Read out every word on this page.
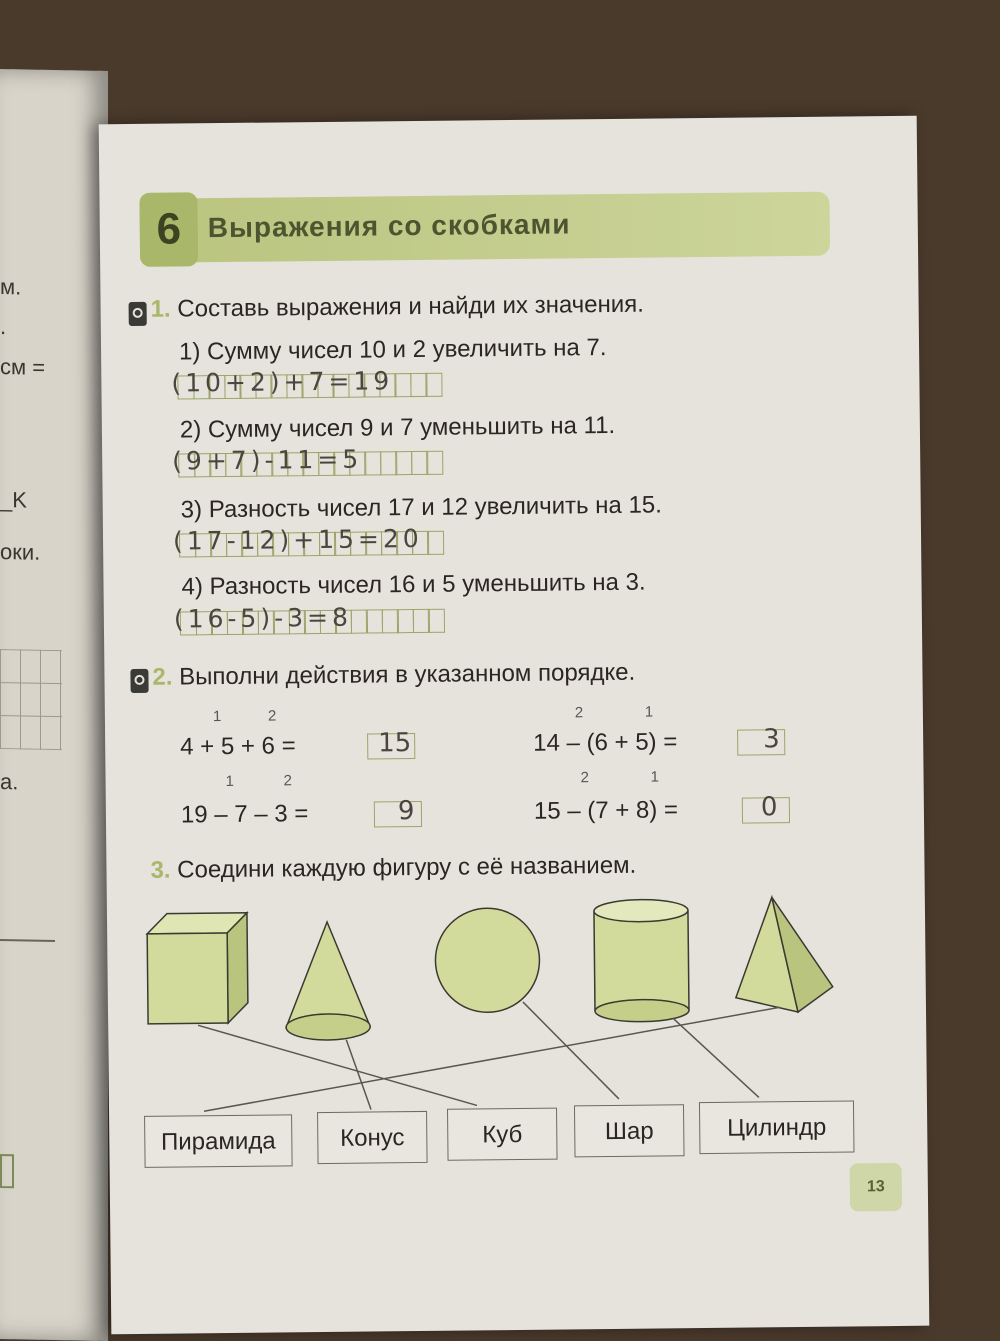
м.
.
см =
_K
оки.
а.
6 Выражения со скобками
1. Составь выражения и найди их значения.
1) Сумму чисел 10 и 2 увеличить на 7.
(10+2)+7=19
2) Сумму чисел 9 и 7 уменьшить на 11.
(9+7)-11=5
3) Разность чисел 17 и 12 увеличить на 15.
(17-12)+15=20
4) Разность чисел 16 и 5 уменьшить на 3.
(16-5)-3=8
2. Выполни действия в указанном порядке.
1	2
4 + 5 + 6 =	15
2	1
14 – (6 + 5) =	3
1	2
19 – 7 – 3 =	9
2	1
15 – (7 + 8) =	0
3. Соедини каждую фигуру с её названием.
Пирамида	Конус	Куб	Шар	Цилиндр
13
